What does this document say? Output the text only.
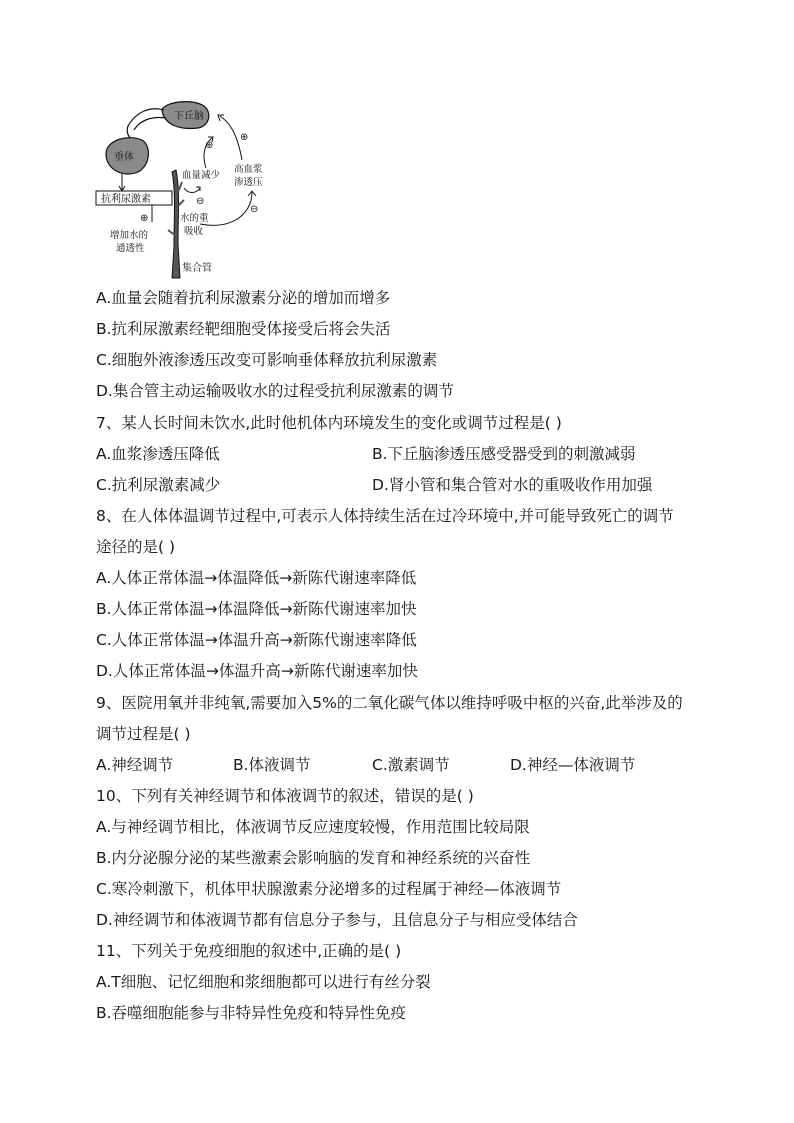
下丘脑
垂体
抗利尿激素
⊕
增加水的
通透性
集合管
血量减少
水的重
吸收
高血浆
渗透压
⊕
⊕
⊖
⊖
A.血量会随着抗利尿激素分泌的增加而增多
B.抗利尿激素经靶细胞受体接受后将会失活
C.细胞外液渗透压改变可影响垂体释放抗利尿激素
D.集合管主动运输吸收水的过程受抗利尿激素的调节
7、某人长时间未饮水,此时他机体内环境发生的变化或调节过程是( )
A.血浆渗透压降低	B.下丘脑渗透压感受器受到的刺激减弱
C.抗利尿激素减少	D.肾小管和集合管对水的重吸收作用加强
8、在人体体温调节过程中,可表示人体持续生活在过冷环境中,并可能导致死亡的调节
途径的是( )
A.人体正常体温→体温降低→新陈代谢速率降低
B.人体正常体温→体温降低→新陈代谢速率加快
C.人体正常体温→体温升高→新陈代谢速率降低
D.人体正常体温→体温升高→新陈代谢速率加快
9、医院用氧并非纯氧,需要加入5%的二氧化碳气体以维持呼吸中枢的兴奋,此举涉及的
调节过程是( )
A.神经调节	B.体液调节	C.激素调节	D.神经—体液调节
10、下列有关神经调节和体液调节的叙述，错误的是( )
A.与神经调节相比，体液调节反应速度较慢，作用范围比较局限
B.内分泌腺分泌的某些激素会影响脑的发育和神经系统的兴奋性
C.寒冷刺激下，机体甲状腺激素分泌增多的过程属于神经—体液调节
D.神经调节和体液调节都有信息分子参与，且信息分子与相应受体结合
11、下列关于免疫细胞的叙述中,正确的是( )
A.T细胞、记忆细胞和浆细胞都可以进行有丝分裂
B.吞噬细胞能参与非特异性免疫和特异性免疫
